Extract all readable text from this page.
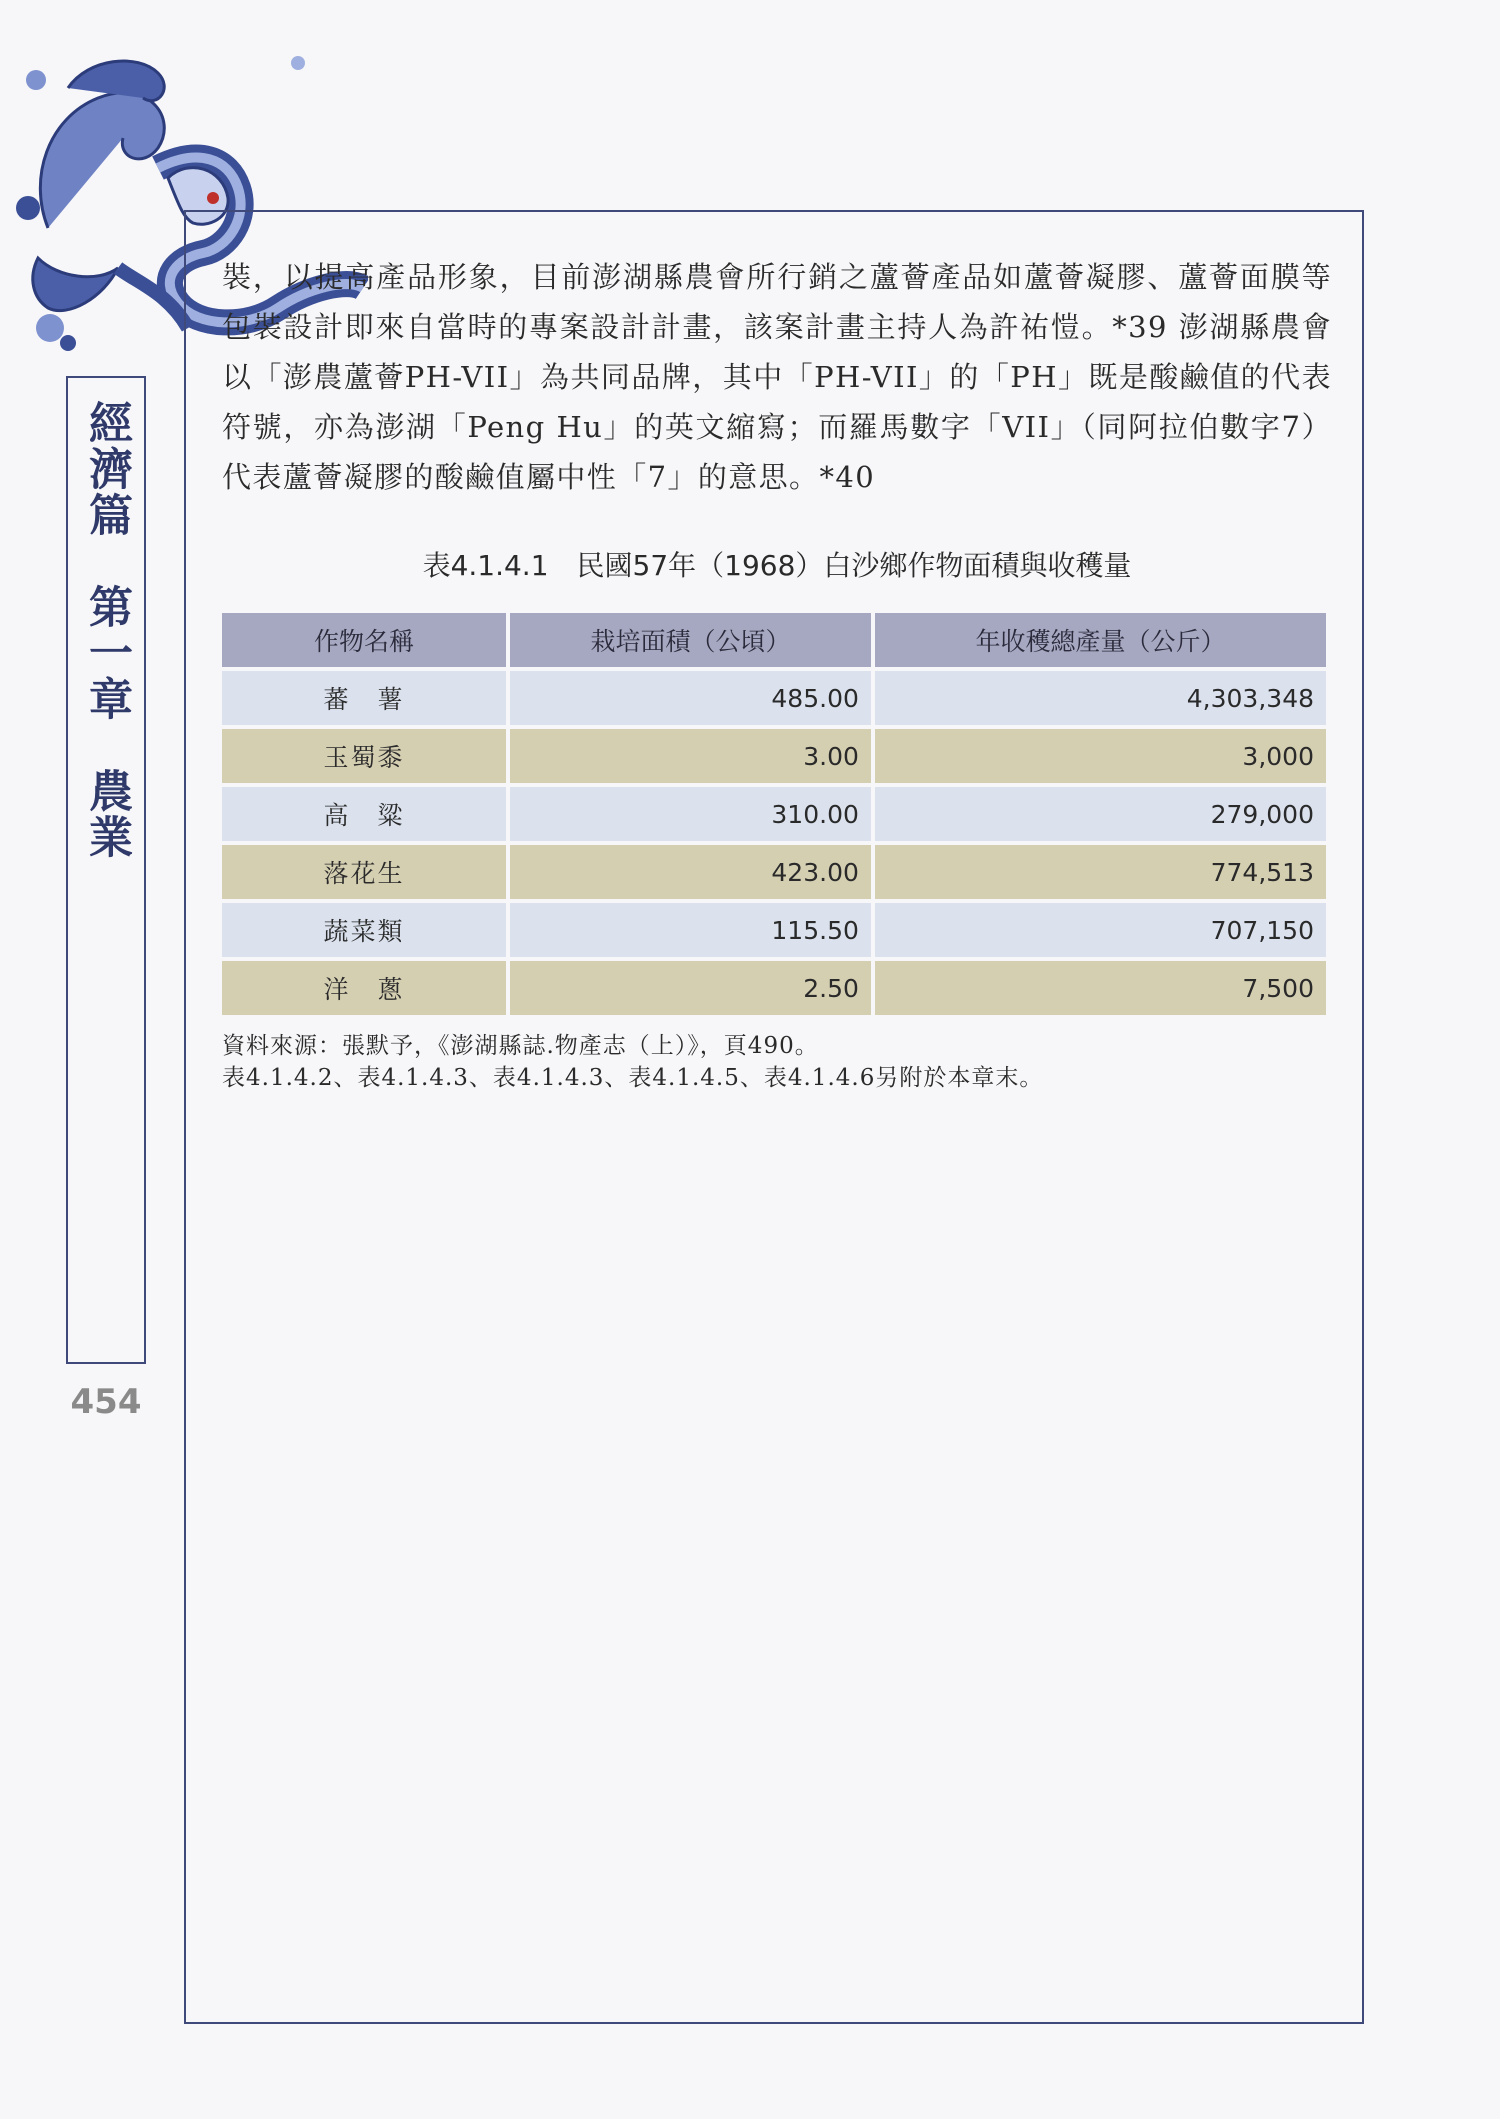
經濟篇　第一章　農業
454

裝，以提高產品形象，目前澎湖縣農會所行銷之蘆薈產品如蘆薈凝膠、蘆薈面膜等包裝設計即來自當時的專案設計計畫，該案計畫主持人為許祐愷。*39 澎湖縣農會以「澎農蘆薈PH-VII」為共同品牌，其中「PH-VII」的「PH」既是酸鹼值的代表符號，亦為澎湖「Peng Hu」的英文縮寫；而羅馬數字「VII」（同阿拉伯數字7）代表蘆薈凝膠的酸鹼值屬中性「7」的意思。*40

表4.1.4.1　民國57年（1968）白沙鄉作物面積與收穫量
作物名稱	栽培面積（公頃）	年收穫總產量（公斤）
蕃　薯	485.00	4,303,348
玉蜀黍	3.00	3,000
高　粱	310.00	279,000
落花生	423.00	774,513
蔬菜類	115.50	707,150
洋　蔥	2.50	7,500
資料來源：張默予，《澎湖縣誌.物產志（上）》，頁490。
表4.1.4.2、表4.1.4.3、表4.1.4.3、表4.1.4.5、表4.1.4.6另附於本章末。
